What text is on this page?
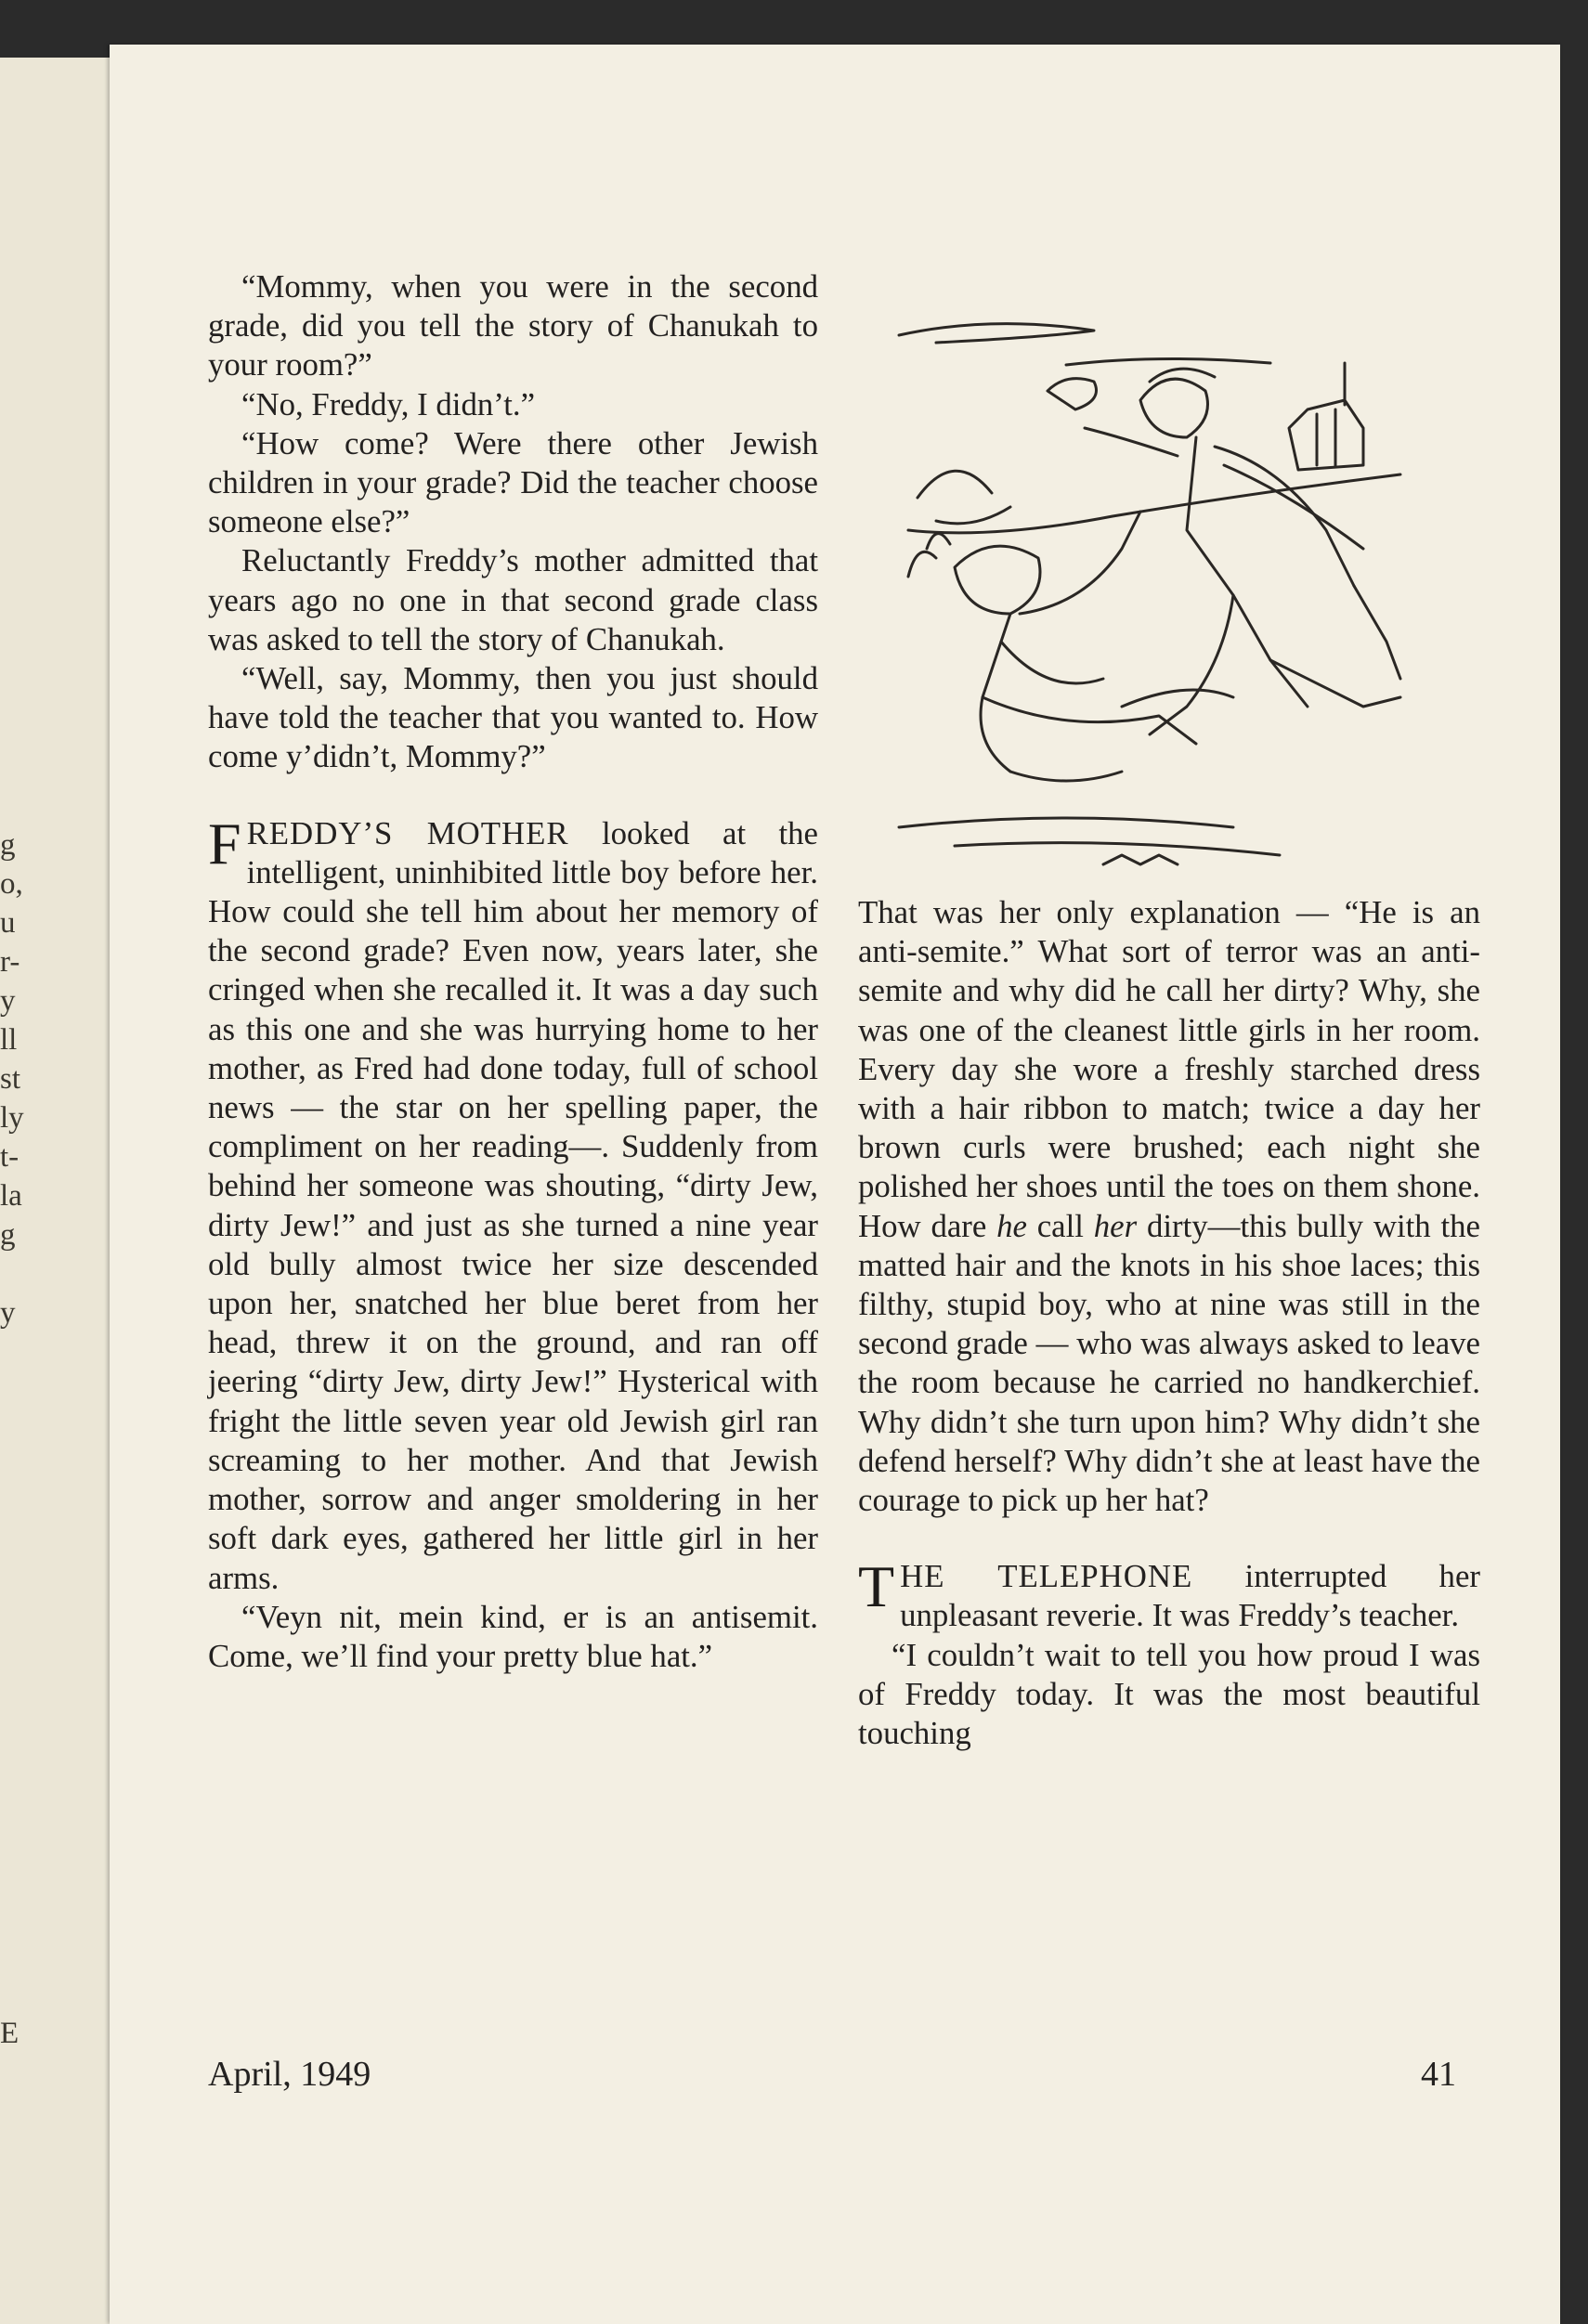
g
o,
u
r-
y
ll
st
ly
t-
la
g
y
E

“Mommy, when you were in the second grade, did you tell the story of Chanukah to your room?”

“No, Freddy, I didn’t.”

“How come? Were there other Jewish children in your grade? Did the teacher choose someone else?”

Reluctantly Freddy’s mother admitted that years ago no one in that second grade class was asked to tell the story of Chanukah.

“Well, say, Mommy, then you just should have told the teacher that you wanted to. How come y’didn’t, Mommy?”

FREDDY’S MOTHER looked at the intelligent, uninhibited little boy before her. How could she tell him about her memory of the second grade? Even now, years later, she cringed when she recalled it. It was a day such as this one and she was hurrying home to her mother, as Fred had done today, full of school news — the star on her spelling paper, the compliment on her reading—. Suddenly from behind her someone was shouting, “dirty Jew, dirty Jew!” and just as she turned a nine year old bully almost twice her size descended upon her, snatched her blue beret from her head, threw it on the ground, and ran off jeering “dirty Jew, dirty Jew!” Hysterical with fright the little seven year old Jewish girl ran screaming to her mother. And that Jewish mother, sorrow and anger smoldering in her soft dark eyes, gathered her little girl in her arms.

“Veyn nit, mein kind, er is an antisemit. Come, we’ll find your pretty blue hat.”

That was her only explanation — “He is an anti-semite.” What sort of terror was an anti-semite and why did he call her dirty? Why, she was one of the cleanest little girls in her room. Every day she wore a freshly starched dress with a hair ribbon to match; twice a day her brown curls were brushed; each night she polished her shoes until the toes on them shone. How dare he call her dirty—this bully with the matted hair and the knots in his shoe laces; this filthy, stupid boy, who at nine was still in the second grade — who was always asked to leave the room because he carried no handkerchief. Why didn’t she turn upon him? Why didn’t she defend herself? Why didn’t she at least have the courage to pick up her hat?

THE TELEPHONE interrupted her unpleasant reverie. It was Freddy’s teacher.

“I couldn’t wait to tell you how proud I was of Freddy today. It was the most beautiful touching

April, 1949	41
